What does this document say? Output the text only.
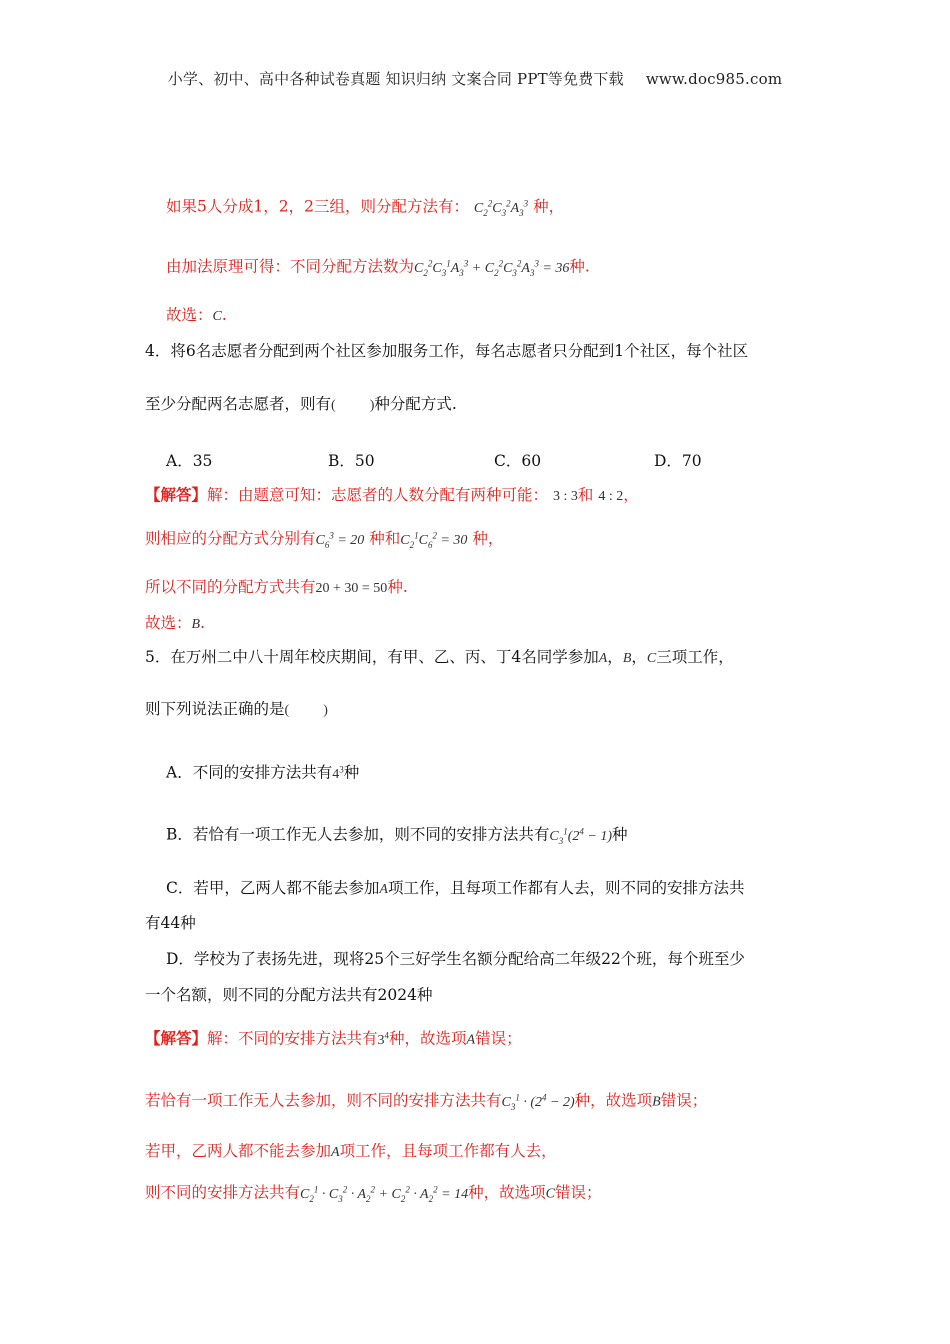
小学、初中、高中各种试卷真题 知识归纳 文案合同 PPT等免费下载 www.doc985.com
如果5人分成1，2，2三组，则分配方法有： $C_2^2C_3^2A_3^3$ 种，
由加法原理可得：不同分配方法数为$C_2^2C_3^1A_3^3 + C_2^2C_3^2A_3^3 = 36$种.
故选：C.
4．将6名志愿者分配到两个社区参加服务工作，每名志愿者只分配到1个社区，每个社区
至少分配两名志愿者，则有( )种分配方式.
A．35	B．50	C．60	D．70
【解答】解：由题意可知：志愿者的人数分配有两种可能： 3 : 3和 4 : 2，
则相应的分配方式分别有$C_6^3 = 20$ 种和$C_2^1C_6^2 = 30$ 种，
所以不同的分配方式共有20 + 30 = 50种.
故选：B.
5．在万州二中八十周年校庆期间，有甲、乙、丙、丁4名同学参加A，B，C三项工作，
则下列说法正确的是( )
A．不同的安排方法共有$4^3$种
B．若恰有一项工作无人去参加，则不同的安排方法共有$C_3^1(2^4 - 1)$种
C．若甲，乙两人都不能去参加A项工作，且每项工作都有人去，则不同的安排方法共
有44种
D．学校为了表扬先进，现将25个三好学生名额分配给高二年级22个班，每个班至少
一个名额，则不同的分配方法共有2024种
【解答】解：不同的安排方法共有$3^4$种，故选项A错误；
若恰有一项工作无人去参加，则不同的安排方法共有$C_3^1 \cdot (2^4 - 2)$种，故选项B错误；
若甲，乙两人都不能去参加A项工作，且每项工作都有人去，
则不同的安排方法共有$C_2^1 \cdot C_3^2 \cdot A_2^2 + C_2^2 \cdot A_2^2 = 14$种，故选项C错误；
